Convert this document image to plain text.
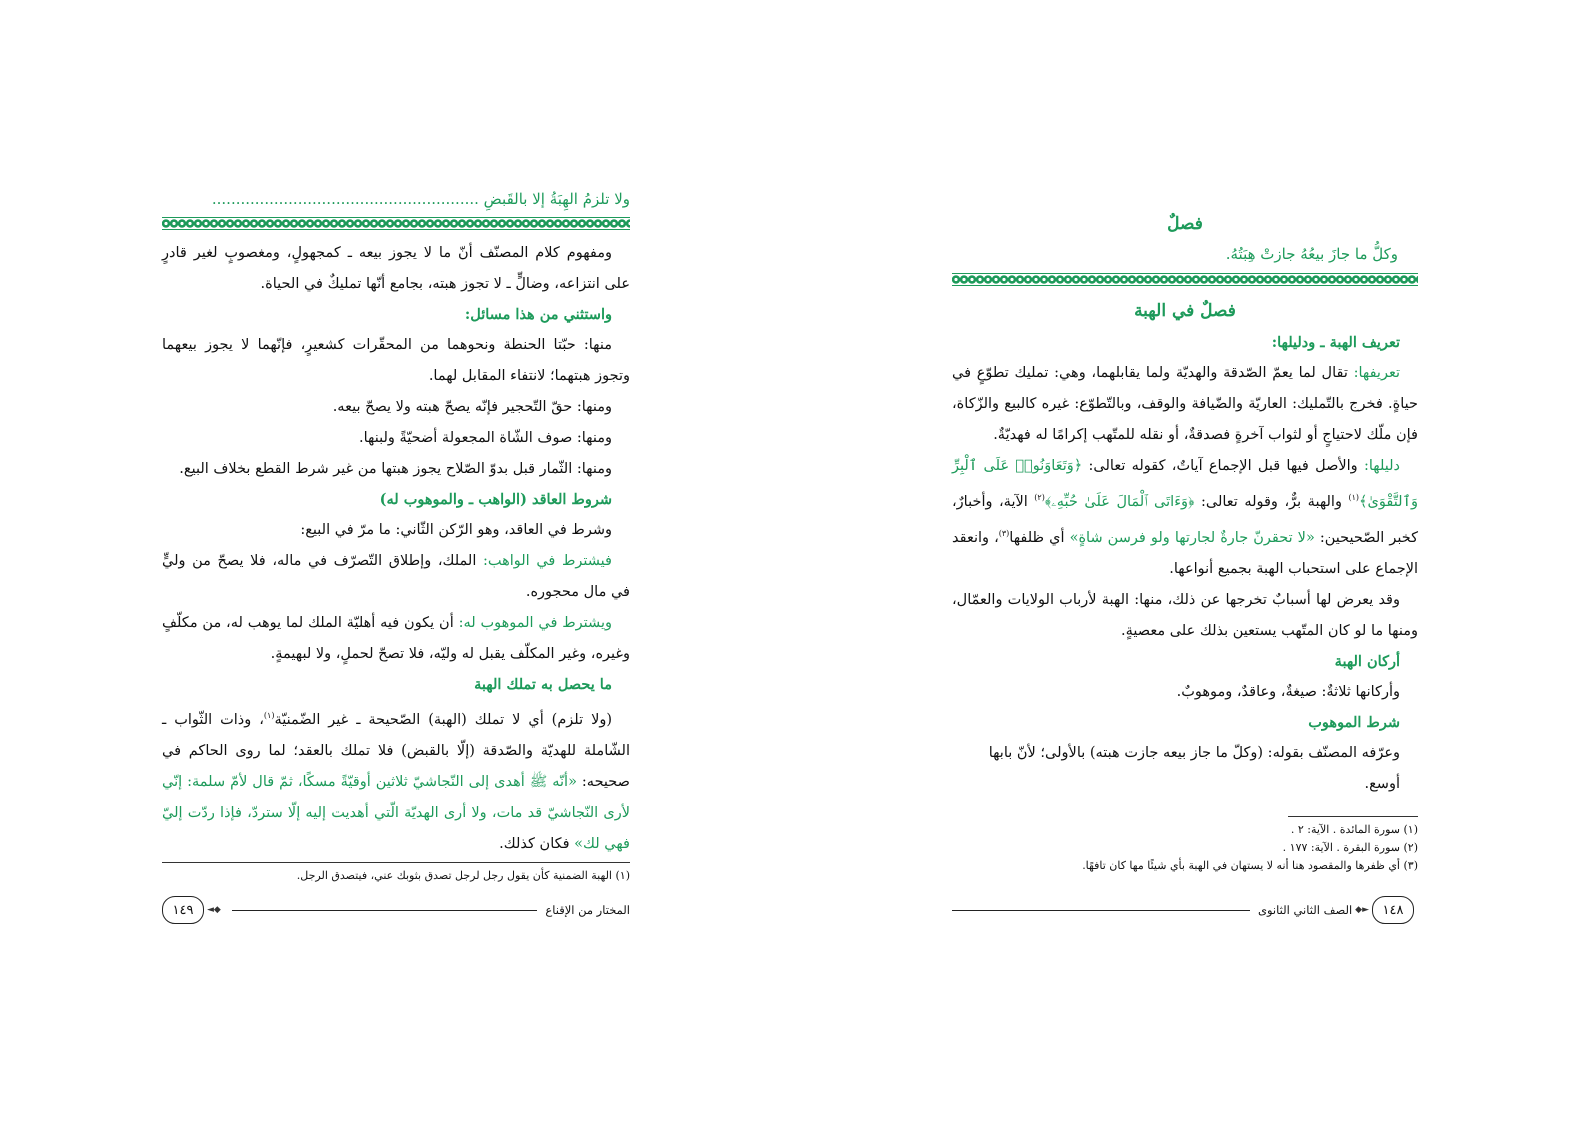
ولا تلزمُ الهِبَةُ إلا بالقَبضِ ........................................................

ومفهوم كلام المصنّف أنّ ما لا يجوز بيعه ـ كمجهولٍ، ومغصوبٍ لغير قادرٍ على انتزاعه، وضالٍّ ـ لا تجوز هبته، بجامع أنّها تمليكٌ في الحياة.

واستثني من هذا مسائل:

منها: حبّتا الحنطة ونحوهما من المحقّرات كشعيرٍ، فإنّهما لا يجوز بيعهما وتجوز هبتهما؛ لانتفاء المقابل لهما.

ومنها: حقّ التّحجير فإنّه يصحّ هبته ولا يصحّ بيعه.
ومنها: صوف الشّاة المجعولة أضحيّةً ولبنها.
ومنها: الثّمار قبل بدوّ الصّلاح يجوز هبتها من غير شرط القطع بخلاف البيع.
شروط العاقد (الواهب ـ والموهوب له)
وشرط في العاقد، وهو الرّكن الثّاني: ما مرّ في البيع:

فيشترط في الواهب: الملك، وإطلاق التّصرّف في ماله، فلا يصحّ من وليٍّ في مال محجوره.

ويشترط في الموهوب له: أن يكون فيه أهليّة الملك لما يوهب له، من مكلّفٍ وغيره، وغير المكلّف يقبل له وليّه، فلا تصحّ لحملٍ، ولا لبهيمةٍ.

ما يحصل به تملك الهبة

(ولا تلزم) أي لا تملك (الهبة) الصّحيحة ـ غير الضّمنيّة$^{(١)}$، وذات الثّواب ـ الشّاملة للهديّة والصّدقة (إلّا بالقبض) فلا تملك بالعقد؛ لما روى الحاكم في صحيحه: «أنّه ﷺ أهدى إلى النّجاشيّ ثلاثين أوقيّةً مسكًا، ثمّ قال لأمّ سلمة: إنّي لأرى النّجاشيّ قد مات، ولا أرى الهديّة الّتي أهديت إليه إلّا ستردّ، فإذا ردّت إليّ فهي لك» فكان كذلك.

(١) الهبة الضمنية كأن يقول رجل لرجل تصدق بثوبك عني، فيتصدق الرجل.
المختار من الإقناع
◆◄
١٤٩
فصلٌ
وكلُّ ما جازَ بيعُهُ جازتْ هِبَتُهُ.
فصلٌ في الهبة
تعريف الهبة ـ ودليلها:

تعريفها: تقال لما يعمّ الصّدقة والهديّة ولما يقابلهما، وهي: تمليك تطوّعٍ في حياةٍ. فخرج بالتّمليك: العاريّة والضّيافة والوقف، وبالتّطوّع: غيره كالبيع والزّكاة، فإن ملّك لاحتياجٍ أو لثواب آخرةٍ فصدقةٌ، أو نقله للمتّهب إكرامًا له فهديّةٌ.

دليلها: والأصل فيها قبل الإجماع آياتٌ، كقوله تعالى: ﴿وَتَعَاوَنُوا۟ عَلَى ٱلْبِرِّ وَٱلتَّقْوَىٰ﴾$^{(١)}$ والهبة برٌّ، وقوله تعالى: ﴿وَءَاتَى ٱلْمَالَ عَلَىٰ حُبِّهِۦ﴾$^{(٢)}$ الآية، وأخبارٌ، كخبر الصّحيحين: «لا تحقرنّ جارةٌ لجارتها ولو فرسن شاةٍ» أي ظلفها$^{(٣)}$، وانعقد الإجماع على استحباب الهبة بجميع أنواعها.

وقد يعرض لها أسبابٌ تخرجها عن ذلك، منها: الهبة لأرباب الولايات والعمّال، ومنها ما لو كان المتّهب يستعين بذلك على معصيةٍ.

أركان الهبة
وأركانها ثلاثةٌ: صيغةٌ، وعاقدٌ، وموهوبٌ.
شرط الموهوب
وعرّفه المصنّف بقوله: (وكلّ ما جاز بيعه جازت هبته) بالأولى؛ لأنّ بابها أوسع.
(١) سورة المائدة . الآية: ٢ .
(٢) سورة البقرة . الآية: ١٧٧ .
(٣) أي ظفرها والمقصود هنا أنه لا يستهان في الهبة بأي شيئًا مها كان تافهًا.
١٤٨
►◆
الصف الثاني الثانوى
